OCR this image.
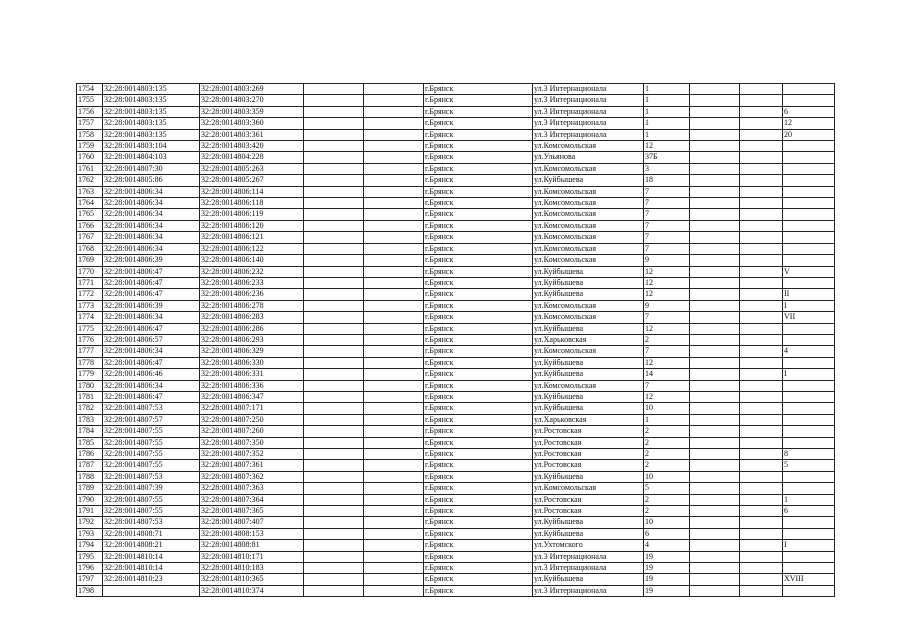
1754	32:28:0014803:135	32:28:0014803:269			г.Брянск	ул.3 Интернационала	1			
1755	32:28:0014803:135	32:28:0014803:270			г.Брянск	ул.3 Интернационала	1			
1756	32:28:0014803:135	32:28:0014803:359			г.Брянск	ул.3 Интернационала	1			6
1757	32:28:0014803:135	32:28:0014803:360			г.Брянск	ул.3 Интернационала	1			12
1758	32:28:0014803:135	32:28:0014803:361			г.Брянск	ул.3 Интернационала	1			20
1759	32:28:0014803:104	32:28:0014803:420			г.Брянск	ул.Комсомольская	12			
1760	32:28:0014804:103	32:28:0014804:228			г.Брянск	ул.Ульянова	37Б			
1761	32:28:0014807:30	32:28:0014805:263			г.Брянск	ул.Комсомольская	3			
1762	32:28:0014805:86	32:28:0014805:267			г.Брянск	ул.Куйбышева	18			
1763	32:28:0014806:34	32:28:0014806:114			г.Брянск	ул.Комсомольская	7			
1764	32:28:0014806:34	32:28:0014806:118			г.Брянск	ул.Комсомольская	7			
1765	32:28:0014806:34	32:28:0014806:119			г.Брянск	ул.Комсомольская	7			
1766	32:28:0014806:34	32:28:0014806:120			г.Брянск	ул.Комсомольская	7			
1767	32:28:0014806:34	32:28:0014806:121			г.Брянск	ул.Комсомольская	7			
1768	32:28:0014806:34	32:28:0014806:122			г.Брянск	ул.Комсомольская	7			
1769	32:28:0014806:39	32:28:0014806:140			г.Брянск	ул.Комсомольская	9			
1770	32:28:0014806:47	32:28:0014806:232			г.Брянск	ул.Куйбышева	12			V
1771	32:28:0014806:47	32:28:0014806:233			г.Брянск	ул.Куйбышева	12			
1772	32:28:0014806:47	32:28:0014806:236			г.Брянск	ул.Куйбышева	12			II
1773	32:28:0014806:39	32:28:0014806:278			г.Брянск	ул.Комсомольская	9			I
1774	32:28:0014806:34	32:28:0014806:283			г.Брянск	ул.Комсомольская	7			VII
1775	32:28:0014806:47	32:28:0014806:286			г.Брянск	ул.Куйбышева	12			
1776	32:28:0014806:57	32:28:0014806:293			г.Брянск	ул.Харьковская	2			
1777	32:28:0014806:34	32:28:0014806:329			г.Брянск	ул.Комсомольская	7			4
1778	32:28:0014806:47	32:28:0014806:330			г.Брянск	ул.Куйбышева	12			
1779	32:28:0014806:46	32:28:0014806:331			г.Брянск	ул.Куйбышева	14			I
1780	32:28:0014806:34	32:28:0014806:336			г.Брянск	ул.Комсомольская	7			
1781	32:28:0014806:47	32:28:0014806:347			г.Брянск	ул.Куйбышева	12			
1782	32:28:0014807:53	32:28:0014807:171			г.Брянск	ул.Куйбышева	10			
1783	32:28:0014807:57	32:28:0014807:250			г.Брянск	ул.Харьковская	1			
1784	32:28:0014807:55	32:28:0014807:260			г.Брянск	ул.Ростовская	2			
1785	32:28:0014807:55	32:28:0014807:350			г.Брянск	ул.Ростовская	2			
1786	32:28:0014807:55	32:28:0014807:352			г.Брянск	ул.Ростовская	2			8
1787	32:28:0014807:55	32:28:0014807:361			г.Брянск	ул.Ростовская	2			5
1788	32:28:0014807:53	32:28:0014807:362			г.Брянск	ул.Куйбышева	10			
1789	32:28:0014807:39	32:28:0014807:363			г.Брянск	ул.Комсомольская	5			
1790	32:28:0014807:55	32:28:0014807:364			г.Брянск	ул.Ростовская	2			1
1791	32:28:0014807:55	32:28:0014807:365			г.Брянск	ул.Ростовская	2			6
1792	32:28:0014807:53	32:28:0014807:407			г.Брянск	ул.Куйбышева	10			
1793	32:28:0014808:71	32:28:0014808:153			г.Брянск	ул.Куйбышева	6			
1794	32:28:0014808:21	32:28:0014808:81			г.Брянск	ул.Ухтомского	4			I
1795	32:28:0014810:14	32:28:0014810:171			г.Брянск	ул.3 Интернационала	19			
1796	32:28:0014810:14	32:28:0014810:183			г.Брянск	ул.3 Интернационала	19			
1797	32:28:0014810:23	32:28:0014810:365			г.Брянск	ул.Куйбышева	19			XVIII
1798		32:28:0014810:374			г.Брянск	ул.3 Интернационала	19			
